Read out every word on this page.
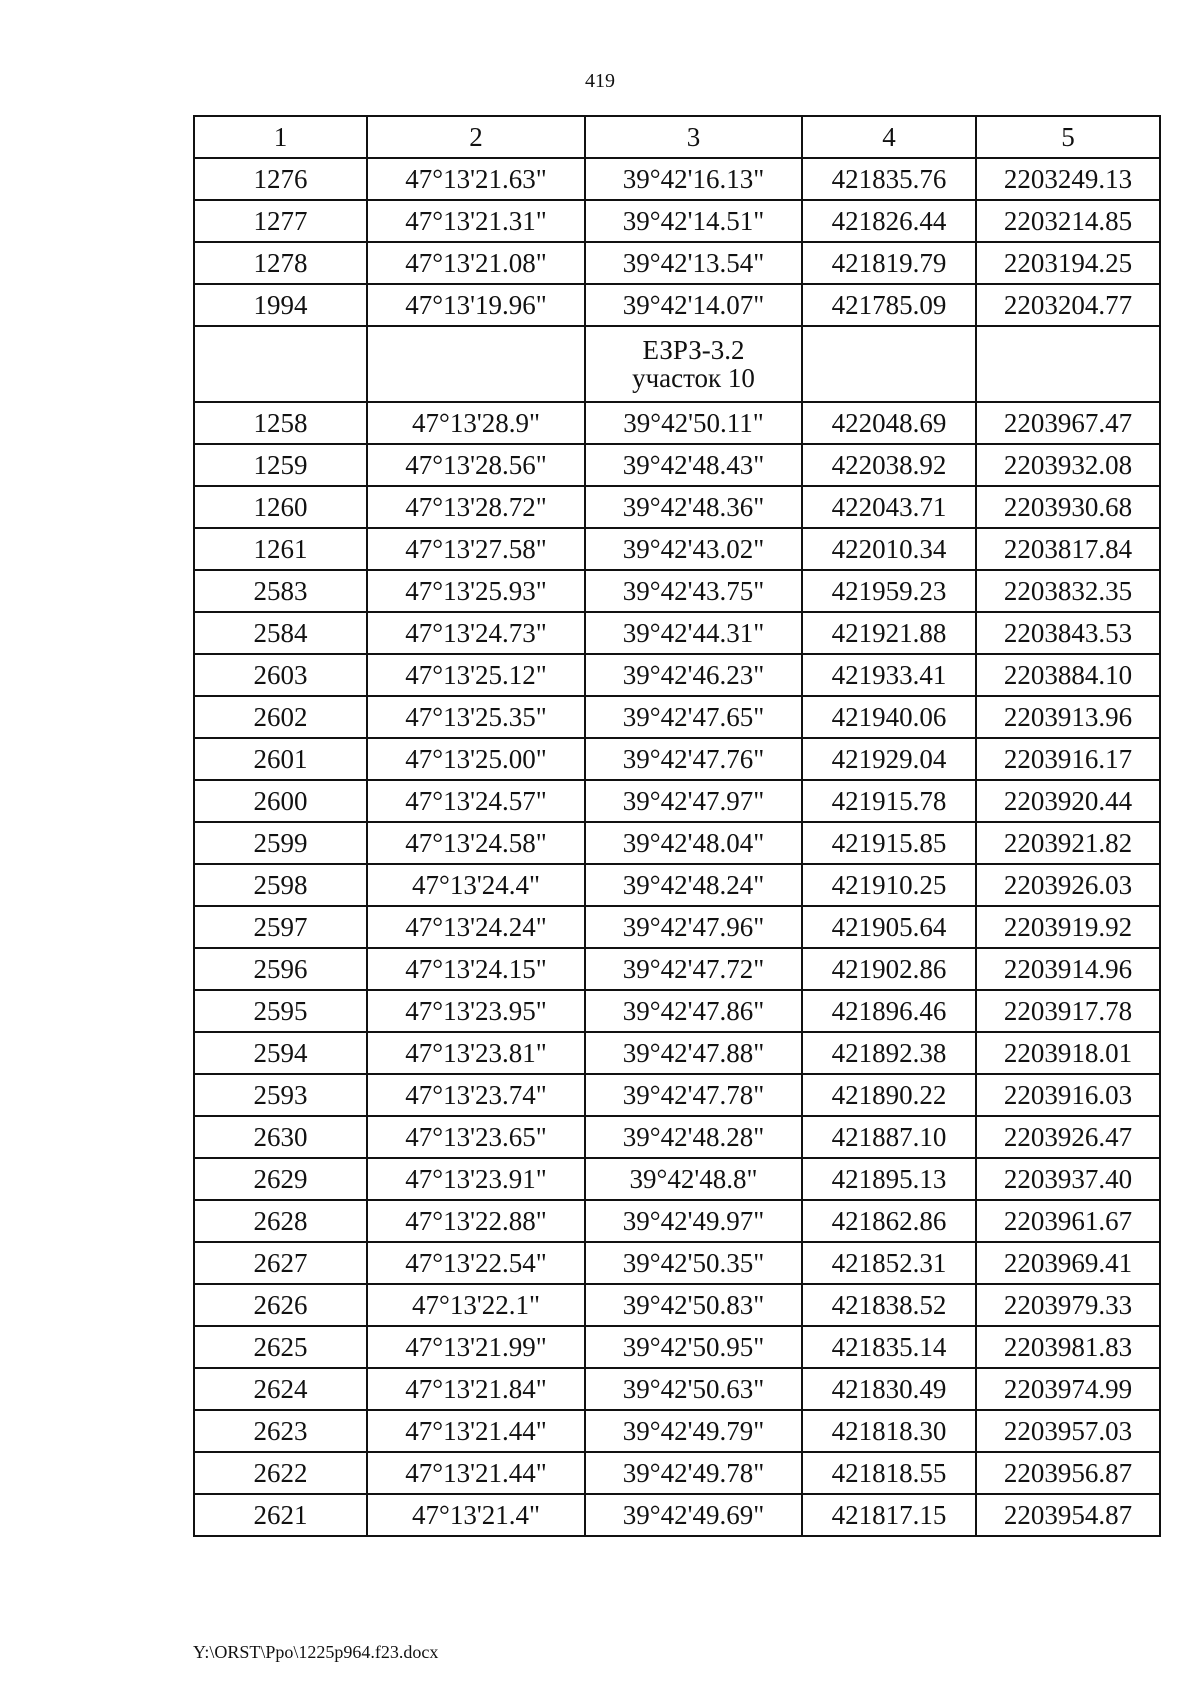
419
1	2	3	4	5
1276	47°13'21.63"	39°42'16.13"	421835.76	2203249.13
1277	47°13'21.31"	39°42'14.51"	421826.44	2203214.85
1278	47°13'21.08"	39°42'13.54"	421819.79	2203194.25
1994	47°13'19.96"	39°42'14.07"	421785.09	2203204.77

		ЕЗРЗ-3.2
участок 10		

1258	47°13'28.9"	39°42'50.11"	422048.69	2203967.47
1259	47°13'28.56"	39°42'48.43"	422038.92	2203932.08
1260	47°13'28.72"	39°42'48.36"	422043.71	2203930.68
1261	47°13'27.58"	39°42'43.02"	422010.34	2203817.84
2583	47°13'25.93"	39°42'43.75"	421959.23	2203832.35
2584	47°13'24.73"	39°42'44.31"	421921.88	2203843.53
2603	47°13'25.12"	39°42'46.23"	421933.41	2203884.10
2602	47°13'25.35"	39°42'47.65"	421940.06	2203913.96
2601	47°13'25.00"	39°42'47.76"	421929.04	2203916.17
2600	47°13'24.57"	39°42'47.97"	421915.78	2203920.44
2599	47°13'24.58"	39°42'48.04"	421915.85	2203921.82
2598	47°13'24.4"	39°42'48.24"	421910.25	2203926.03
2597	47°13'24.24"	39°42'47.96"	421905.64	2203919.92
2596	47°13'24.15"	39°42'47.72"	421902.86	2203914.96
2595	47°13'23.95"	39°42'47.86"	421896.46	2203917.78
2594	47°13'23.81"	39°42'47.88"	421892.38	2203918.01
2593	47°13'23.74"	39°42'47.78"	421890.22	2203916.03
2630	47°13'23.65"	39°42'48.28"	421887.10	2203926.47
2629	47°13'23.91"	39°42'48.8"	421895.13	2203937.40
2628	47°13'22.88"	39°42'49.97"	421862.86	2203961.67
2627	47°13'22.54"	39°42'50.35"	421852.31	2203969.41
2626	47°13'22.1"	39°42'50.83"	421838.52	2203979.33
2625	47°13'21.99"	39°42'50.95"	421835.14	2203981.83
2624	47°13'21.84"	39°42'50.63"	421830.49	2203974.99
2623	47°13'21.44"	39°42'49.79"	421818.30	2203957.03
2622	47°13'21.44"	39°42'49.78"	421818.55	2203956.87
2621	47°13'21.4"	39°42'49.69"	421817.15	2203954.87
Y:\ORST\Ppo\1225p964.f23.docx
